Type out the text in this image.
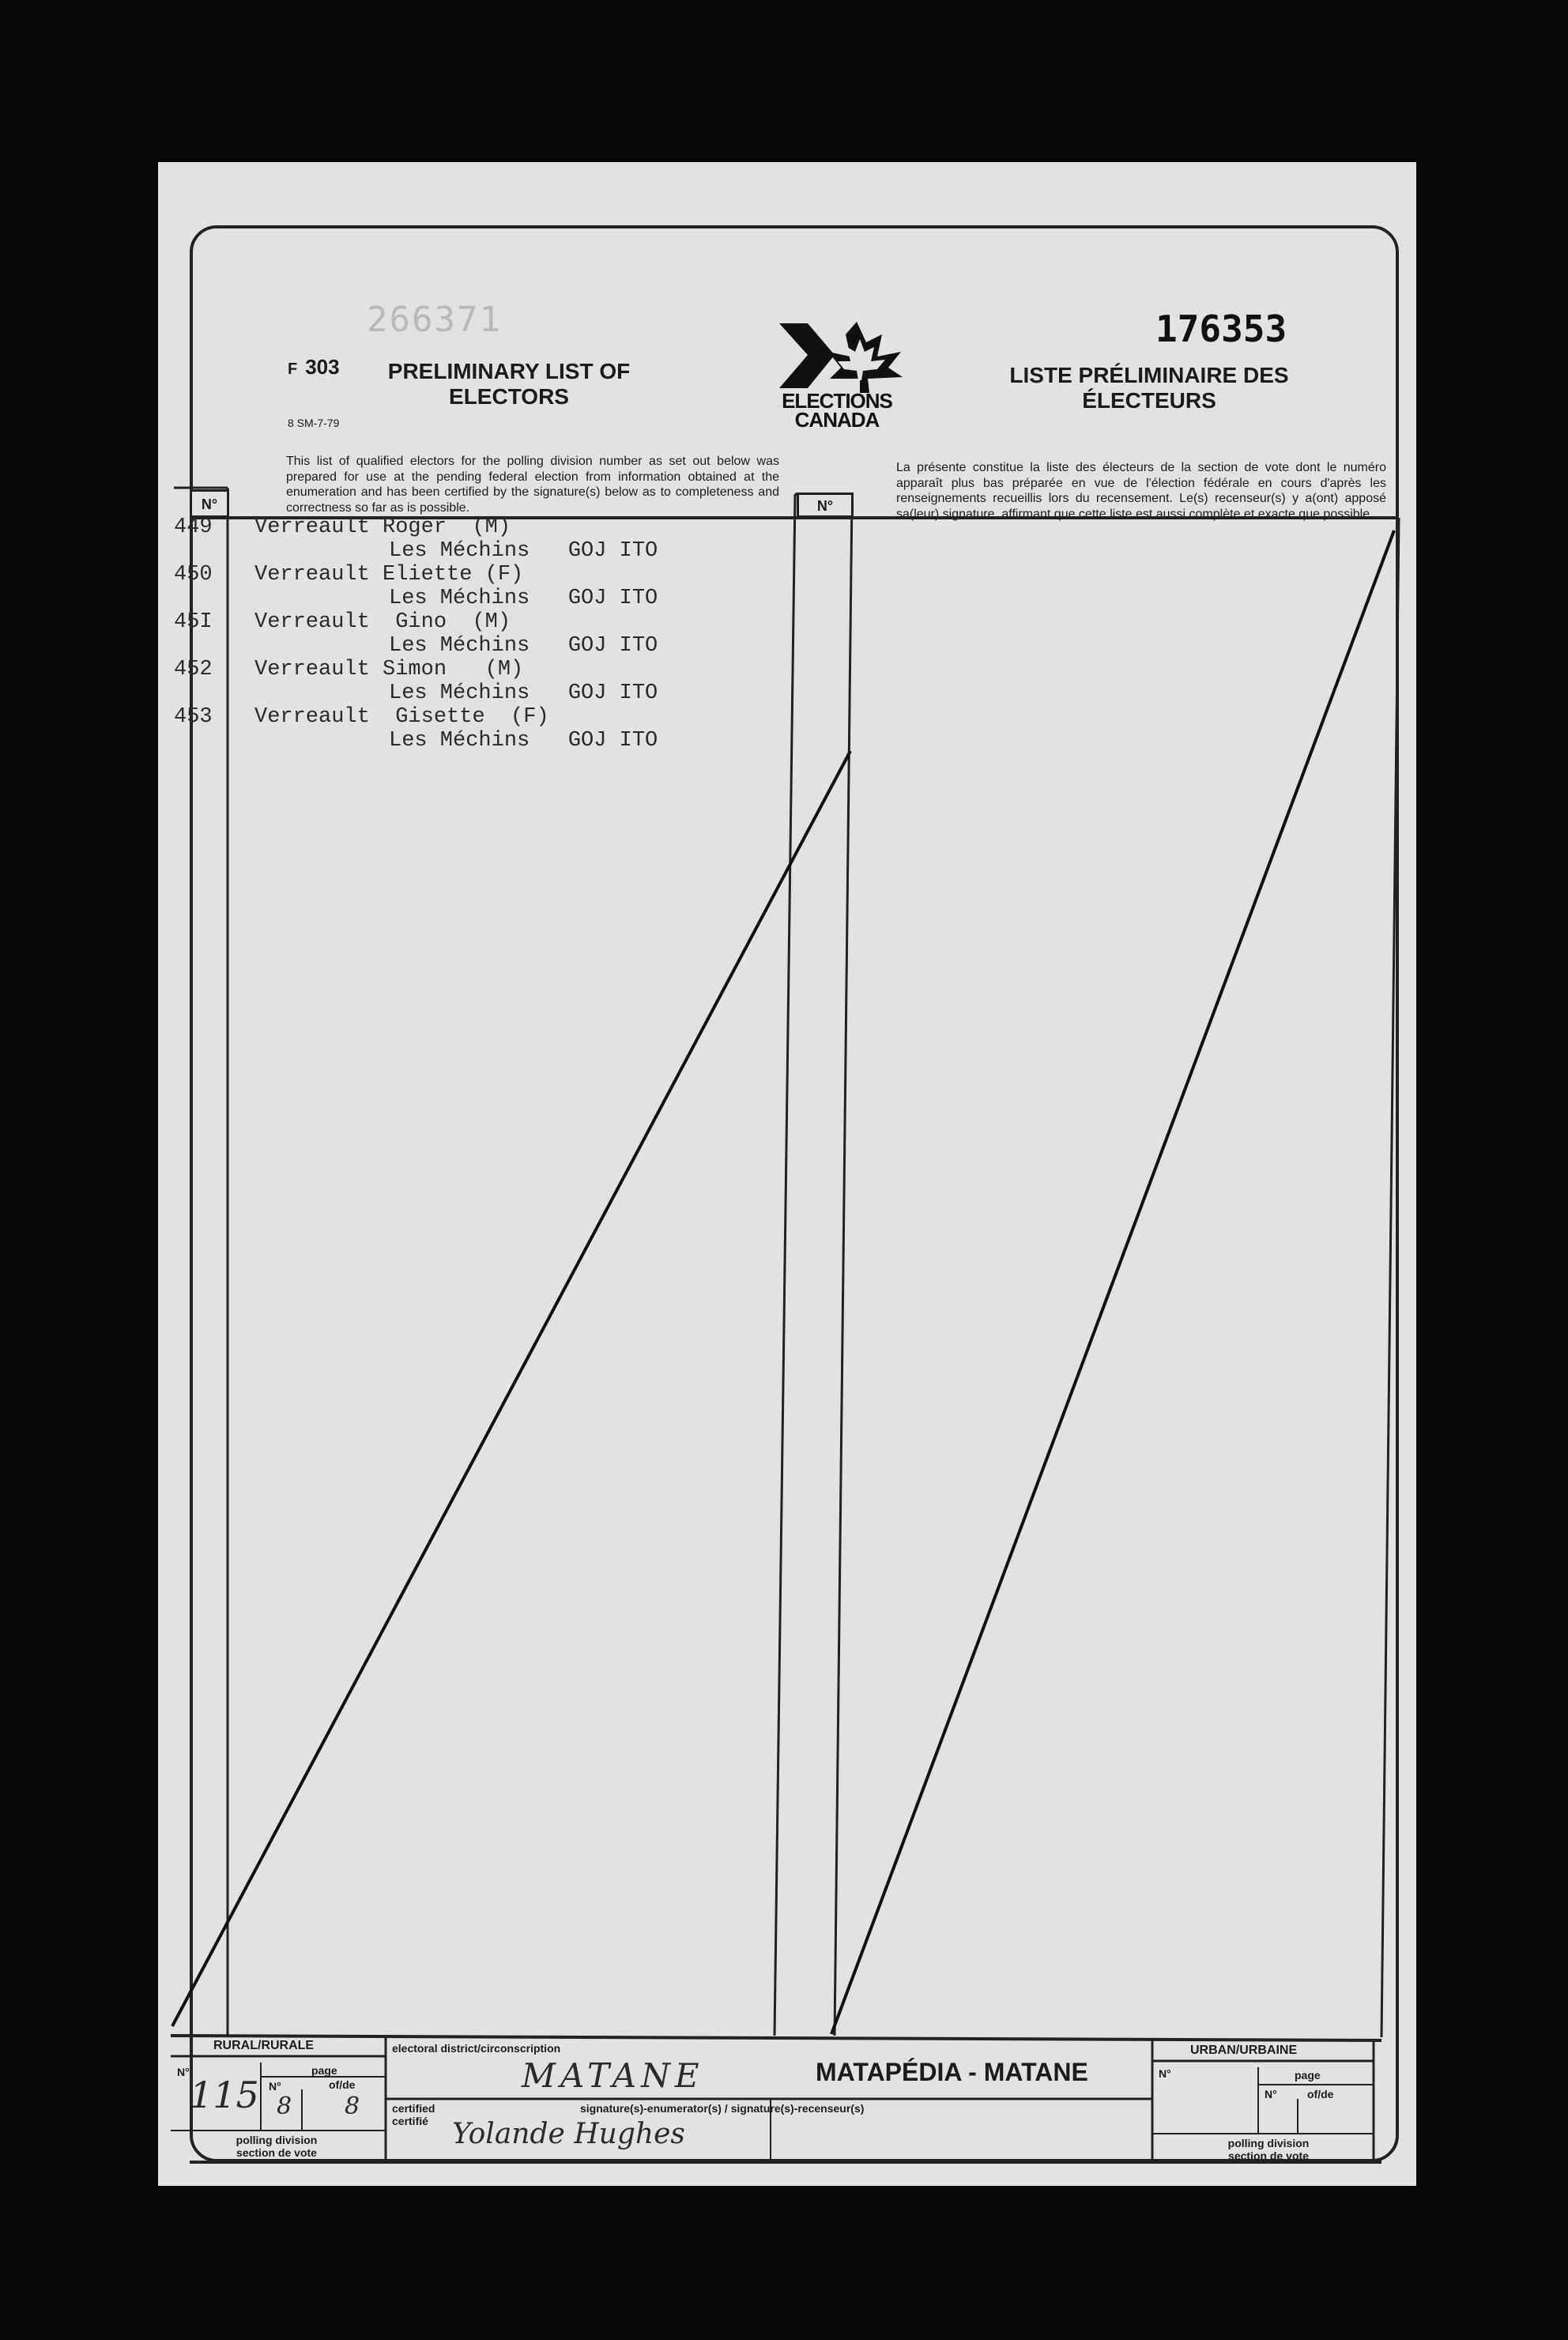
266371	176353
F 303
8 SM-7-79
PRELIMINARY LIST OF ELECTORS
LISTE PRÉLIMINAIRE DES ÉLECTEURS
ELECTIONS
CANADA
This list of qualified electors for the polling division number as set out below was prepared for use at the pending federal election from information obtained at the enumeration and has been certified by the signature(s) below as to completeness and correctness so far as is possible.
La présente constitue la liste des électeurs de la section de vote dont le numéro apparaît plus bas préparée en vue de l'élection fédérale en cours d'après les renseignements recueillis lors du recensement. Le(s) recenseur(s) y a(ont) apposé sa(leur) signature, affirmant que cette liste est aussi complète et exacte que possible.
N°	N°
449 Verreault Roger  (M)
Les Méchins   GOJ ITO
450 Verreault Eliette (F)
Les Méchins   GOJ ITO
45I Verreault  Gino  (M)
Les Méchins   GOJ ITO
452 Verreault Simon   (M)
Les Méchins   GOJ ITO
453 Verreault  Gisette  (F)
Les Méchins   GOJ ITO
RURAL/RURALE
N°	page
N°	of/de
115 8 8
polling division
section de vote
electoral district/circonscription
MATANE	MATAPÉDIA - MATANE
certified
certifié
signature(s)-enumerator(s) / signature(s)-recenseur(s)
Yolande Hughes
URBAN/URBAINE
N°	page
N°	of/de
polling division
section de vote
